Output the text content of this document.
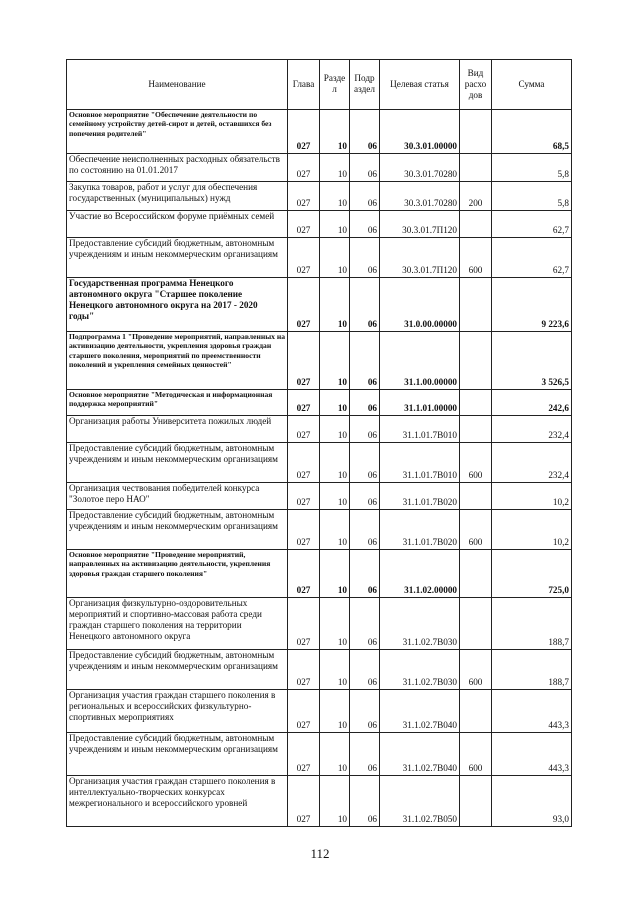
Наименование	Глава	Разде л	Подр аздел	Целевая статья	Вид расхо дов	Сумма
Основное мероприятие "Обеспечение деятельности по семейному устройству детей-сирот и детей, оставшихся без попечения родителей"	027	10	06	30.3.01.00000		68,5
Обеспечение неисполненных расходных обязательств по состоянию на 01.01.2017	027	10	06	30.3.01.70280		5,8
Закупка товаров, работ и услуг для обеспечения государственных (муниципальных) нужд	027	10	06	30.3.01.70280	200	5,8
Участие во Всероссийском форуме приёмных семей	027	10	06	30.3.01.7П120		62,7
Предоставление субсидий бюджетным, автономным учреждениям и иным некоммерческим организациям	027	10	06	30.3.01.7П120	600	62,7
Государственная программа Ненецкого автономного округа "Старшее поколение Ненецкого автономного округа на 2017 - 2020 годы"	027	10	06	31.0.00.00000		9 223,6
Подпрограмма 1 "Проведение мероприятий, направленных на активизацию деятельности, укрепления здоровья граждан старшего поколения, мероприятий по преемственности поколений и укрепления семейных ценностей"	027	10	06	31.1.00.00000		3 526,5
Основное мероприятие "Методическая и информационная поддержка мероприятий"	027	10	06	31.1.01.00000		242,6
Организация работы Университета пожилых людей	027	10	06	31.1.01.7В010		232,4
Предоставление субсидий бюджетным, автономным учреждениям и иным некоммерческим организациям	027	10	06	31.1.01.7В010	600	232,4
Организация чествования победителей конкурса "Золотое перо НАО"	027	10	06	31.1.01.7В020		10,2
Предоставление субсидий бюджетным, автономным учреждениям и иным некоммерческим организациям	027	10	06	31.1.01.7В020	600	10,2
Основное мероприятие "Проведение мероприятий, направленных на активизацию деятельности, укрепления здоровья граждан старшего поколения"	027	10	06	31.1.02.00000		725,0
Организация физкультурно-оздоровительных мероприятий и спортивно-массовая работа среди граждан старшего поколения на территории Ненецкого автономного округа	027	10	06	31.1.02.7В030		188,7
Предоставление субсидий бюджетным, автономным учреждениям и иным некоммерческим организациям	027	10	06	31.1.02.7В030	600	188,7
Организация участия граждан старшего поколения в региональных и всероссийских физкультурно-спортивных мероприятиях	027	10	06	31.1.02.7В040		443,3
Предоставление субсидий бюджетным, автономным учреждениям и иным некоммерческим организациям	027	10	06	31.1.02.7В040	600	443,3
Организация участия граждан старшего поколения в интеллектуально-творческих конкурсах межрегионального и всероссийского уровней	027	10	06	31.1.02.7В050		93,0
112
